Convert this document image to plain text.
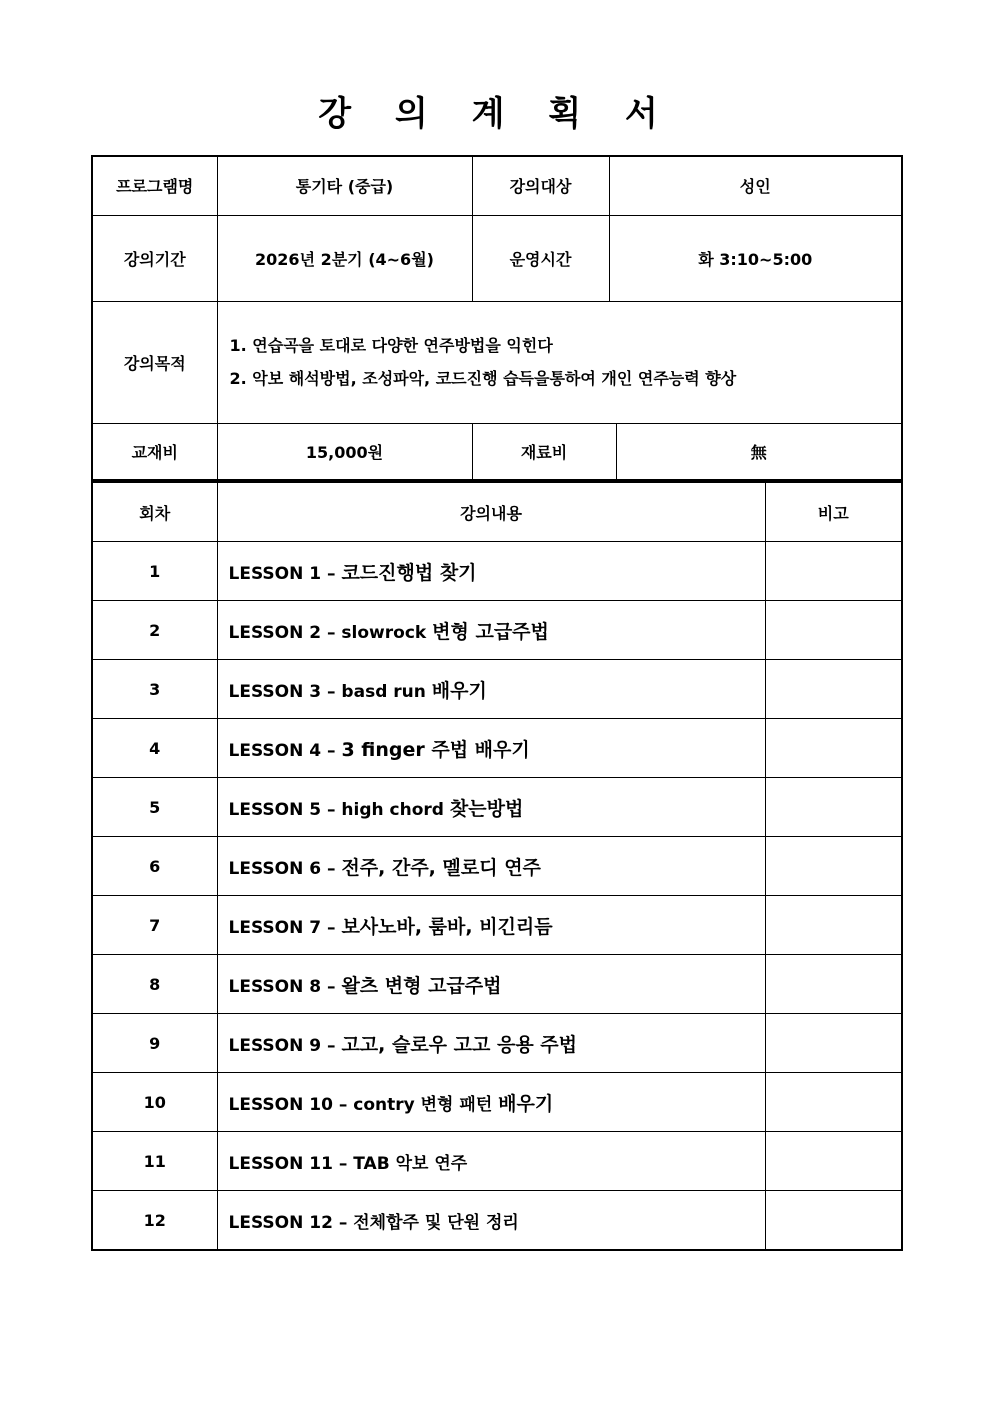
강 의 계 획 서
프로그램명	통기타 (중급)	강의대상	성인	
강의기간	2026년 2분기 (4~6월)	운영시간	화 3:10~5:00	
강의목적	1. 연습곡을 토대로 다양한 연주방법을 익힌다
2. 악보 해석방법, 조성파악, 코드진행 습득을통하여 개인 연주능력 향상			

교재비	15,000원	재료비		無
회차	강의내용	비고
1	LESSON 1 – 코드진행법 찾기	
2	LESSON 2 – slowrock 변형 고급주법	
3	LESSON 3 – basd run 배우기	
4	LESSON 4 – 3 finger 주법 배우기	
5	LESSON 5 – high chord 찾는방법	
6	LESSON 6 – 전주, 간주, 멜로디 연주	
7	LESSON 7 – 보사노바, 룸바, 비긴리듬	
8	LESSON 8 – 왈츠 변형 고급주법	
9	LESSON 9 – 고고, 슬로우 고고 응용 주법	
10	LESSON 10 – contry 변형 패턴 배우기	
11	LESSON 11 – TAB 악보 연주	
12	LESSON 12 – 전체합주 및 단원 정리	
